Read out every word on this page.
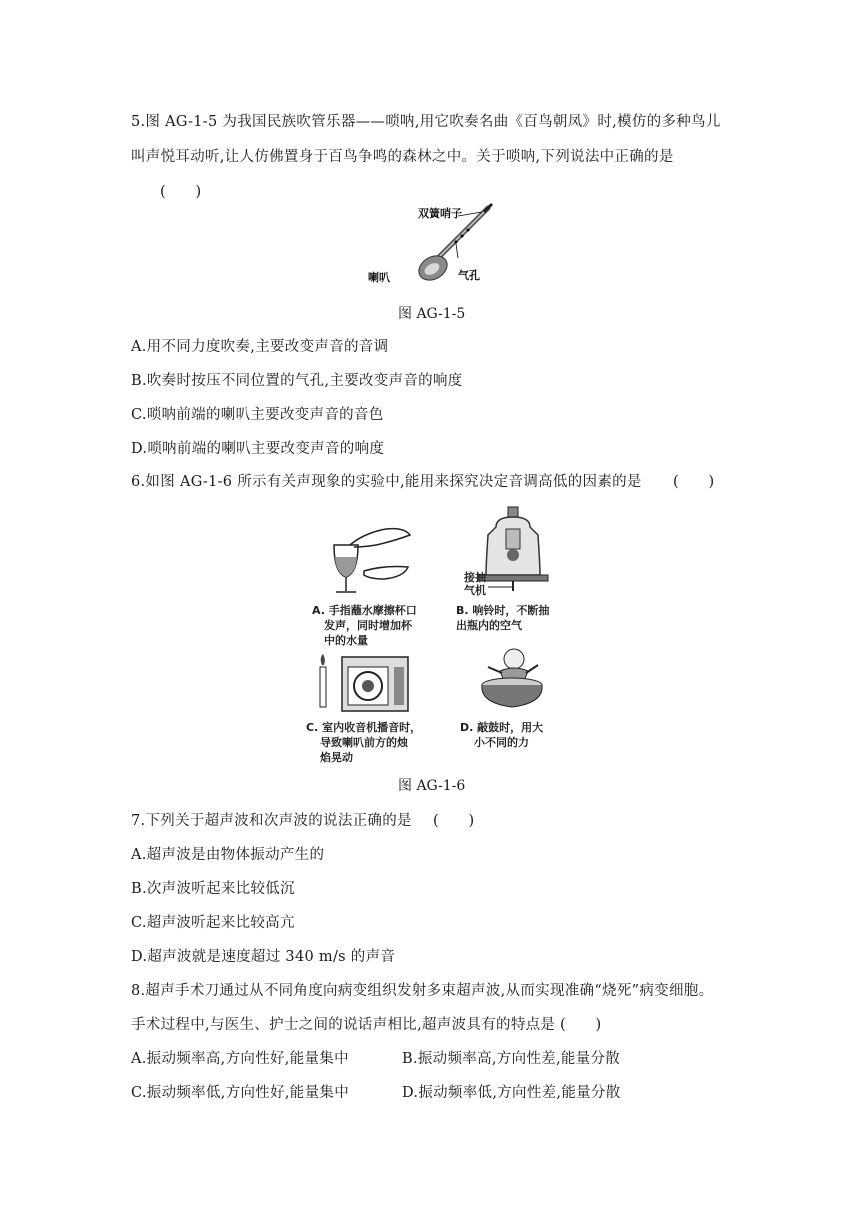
5.图 AG-1-5 为我国民族吹管乐器——唢呐,用它吹奏名曲《百鸟朝凤》时,模仿的多种鸟儿
叫声悦耳动听,让人仿佛置身于百鸟争鸣的森林之中。关于唢呐,下列说法中正确的是
(　　)
双簧哨子
气孔
喇叭
图 AG-1-5
A.用不同力度吹奏,主要改变声音的音调
B.吹奏时按压不同位置的气孔,主要改变声音的响度
C.唢呐前端的喇叭主要改变声音的音色
D.唢呐前端的喇叭主要改变声音的响度
6.如图 AG-1-6 所示有关声现象的实验中,能用来探究决定音调高低的因素的是 (　　)
A. 手指蘸水摩擦杯口
发声，同时增加杯
中的水量
接抽
气机
B. 响铃时，不断抽
出瓶内的空气
C. 室内收音机播音时，
导致喇叭前方的烛
焰晃动
D. 敲鼓时，用大
小不同的力
图 AG-1-6
7.下列关于超声波和次声波的说法正确的是 (　　)
A.超声波是由物体振动产生的
B.次声波听起来比较低沉
C.超声波听起来比较高亢
D.超声波就是速度超过 340 m/s 的声音
8.超声手术刀通过从不同角度向病变组织发射多束超声波,从而实现准确“烧死”病变细胞。
手术过程中,与医生、护士之间的说话声相比,超声波具有的特点是 (　　)
A.振动频率高,方向性好,能量集中	B.振动频率高,方向性差,能量分散
C.振动频率低,方向性好,能量集中	D.振动频率低,方向性差,能量分散
